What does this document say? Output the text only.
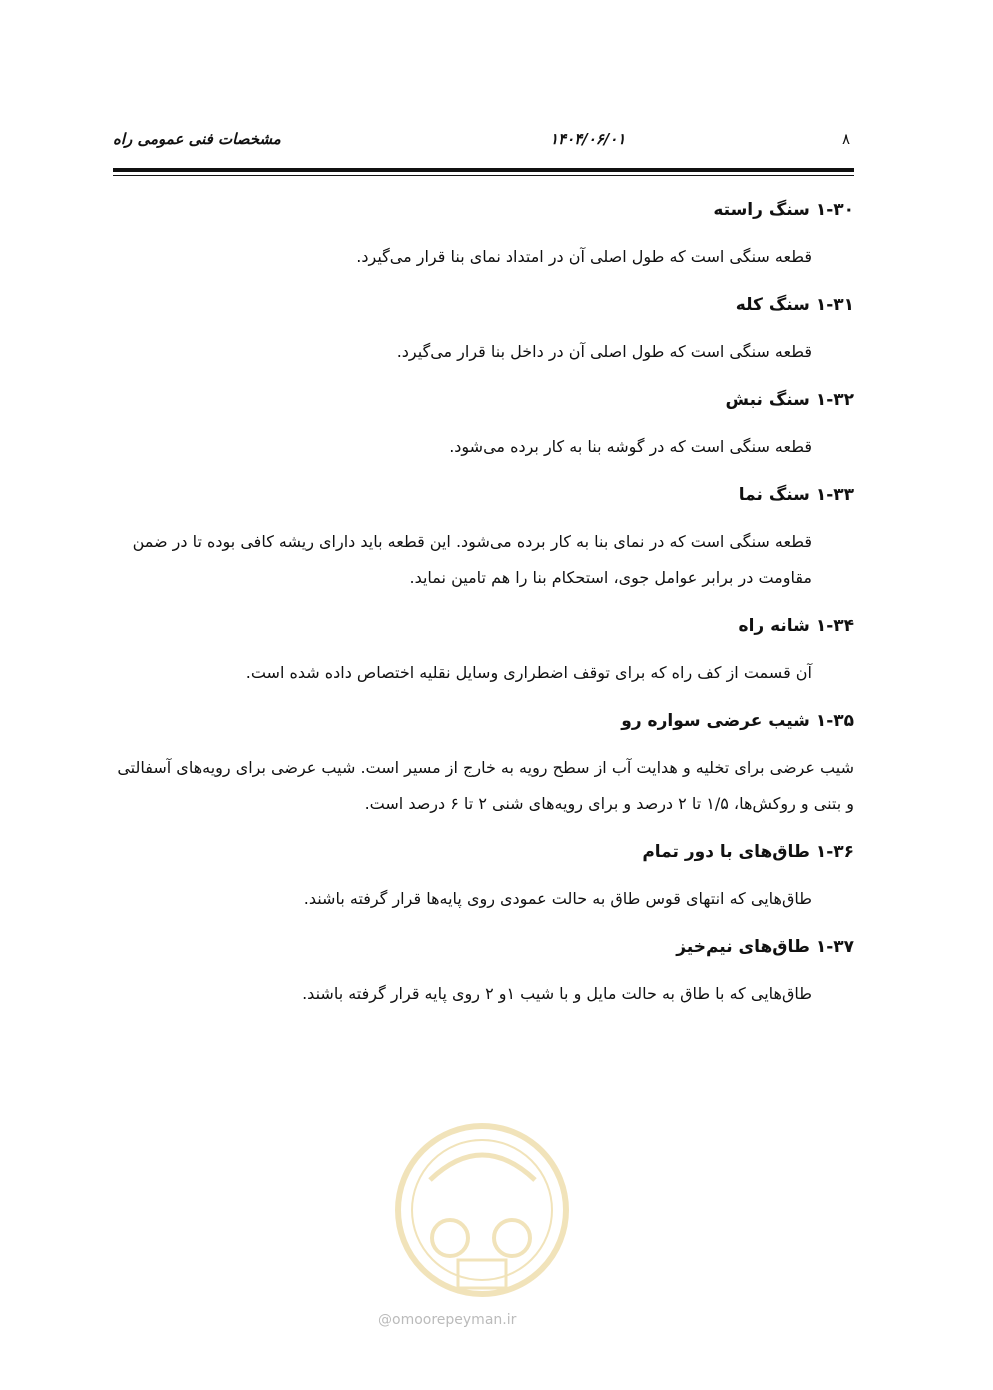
مشخصات فنی عمومی راه	۱۴۰۴/۰۶/۰۱	۸
۱-۳۰ سنگ راسته

قطعه سنگی است که طول اصلی آن در امتداد نمای بنا قرار می‌گیرد.

۱-۳۱ سنگ کله

قطعه سنگی است که طول اصلی آن در داخل بنا قرار می‌گیرد.

۱-۳۲ سنگ نبش

قطعه سنگی است که در گوشه بنا به کار برده می‌شود.

۱-۳۳ سنگ نما

قطعه سنگی است که در نمای بنا به کار برده می‌شود. این قطعه باید دارای ریشه کافی بوده تا در ضمن مقاومت در برابر عوامل جوی، استحکام بنا را هم تامین نماید.

۱-۳۴ شانه راه

آن قسمت از کف راه که برای توقف اضطراری وسایل نقلیه اختصاص داده شده است.

۱-۳۵ شیب عرضی سواره رو

شیب عرضی برای تخلیه و هدایت آب از سطح رویه به خارج از مسیر است. شیب عرضی برای رویه‌های آسفالتی و بتنی و روکش‌ها، ۱/۵ تا ۲ درصد و برای رویه‌های شنی ۲ تا ۶ درصد است.

۱-۳۶ طاق‌های با دور تمام

طاق‌هایی که انتهای قوس طاق به حالت عمودی روی پایه‌ها قرار گرفته باشند.

۱-۳۷ طاق‌های نیم‌خیز

طاق‌هایی که با طاق به حالت مایل و با شیب ۱و ۲ روی پایه قرار گرفته باشند.

@omoorepeyman.ir
